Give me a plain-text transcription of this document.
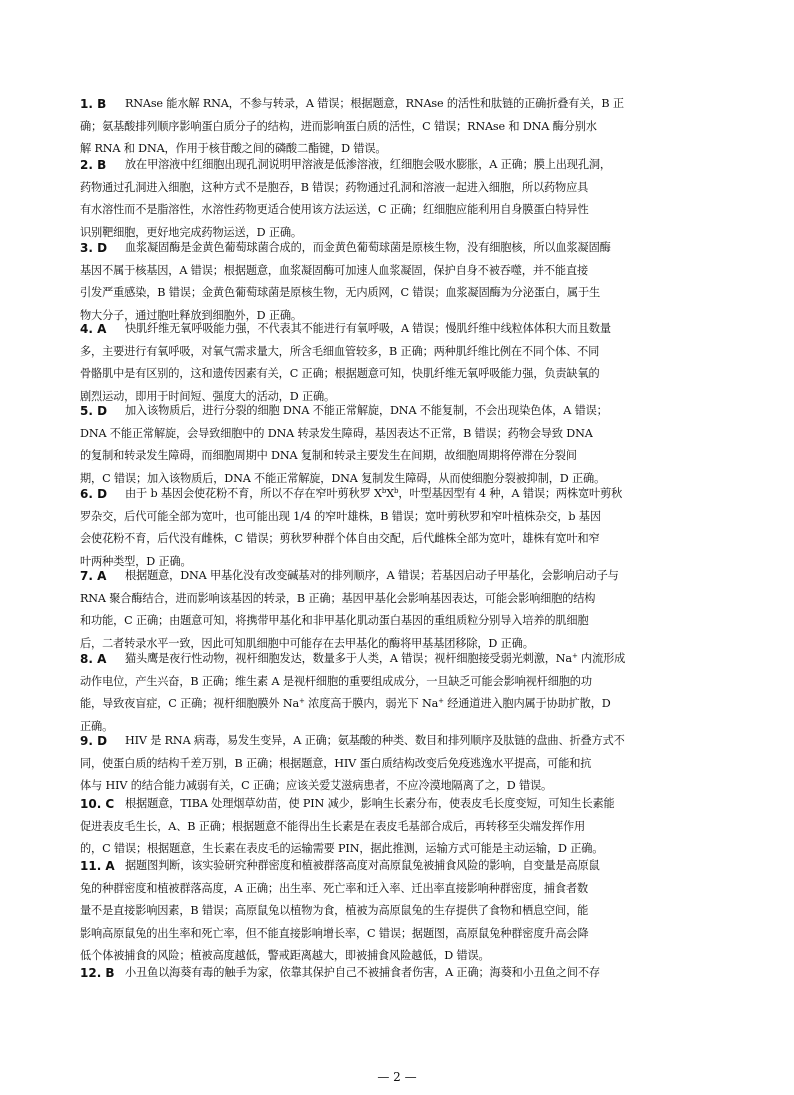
1. B RNAse 能水解 RNA，不参与转录，A 错误；根据题意，RNAse 的活性和肽链的正确折叠有关，B 正
确；氨基酸排列顺序影响蛋白质分子的结构，进而影响蛋白质的活性，C 错误；RNAse 和 DNA 酶分别水
解 RNA 和 DNA，作用于核苷酸之间的磷酸二酯键，D 错误。
2. B 放在甲溶液中红细胞出现孔洞说明甲溶液是低渗溶液，红细胞会吸水膨胀，A 正确；膜上出现孔洞，
药物通过孔洞进入细胞，这种方式不是胞吞，B 错误；药物通过孔洞和溶液一起进入细胞，所以药物应具
有水溶性而不是脂溶性，水溶性药物更适合使用该方法运送，C 正确；红细胞应能利用自身膜蛋白特异性
识别靶细胞，更好地完成药物运送，D 正确。
3. D 血浆凝固酶是金黄色葡萄球菌合成的，而金黄色葡萄球菌是原核生物，没有细胞核，所以血浆凝固酶
基因不属于核基因，A 错误；根据题意，血浆凝固酶可加速人血浆凝固，保护自身不被吞噬，并不能直接
引发严重感染，B 错误；金黄色葡萄球菌是原核生物，无内质网，C 错误；血浆凝固酶为分泌蛋白，属于生
物大分子，通过胞吐释放到细胞外，D 正确。
4. A 快肌纤维无氧呼吸能力强，不代表其不能进行有氧呼吸，A 错误；慢肌纤维中线粒体体积大而且数量
多，主要进行有氧呼吸，对氧气需求量大，所含毛细血管较多，B 正确；两种肌纤维比例在不同个体、不同
骨骼肌中是有区别的，这和遗传因素有关，C 正确；根据题意可知，快肌纤维无氧呼吸能力强，负责缺氧的
剧烈运动，即用于时间短、强度大的活动，D 正确。
5. D 加入该物质后，进行分裂的细胞 DNA 不能正常解旋，DNA 不能复制，不会出现染色体，A 错误；
DNA 不能正常解旋，会导致细胞中的 DNA 转录发生障碍，基因表达不正常，B 错误；药物会导致 DNA
的复制和转录发生障碍，而细胞周期中 DNA 复制和转录主要发生在间期，故细胞周期将停滞在分裂间
期，C 错误；加入该物质后，DNA 不能正常解旋，DNA 复制发生障碍，从而使细胞分裂被抑制，D 正确。
6. D 由于 b 基因会使花粉不育，所以不存在窄叶剪秋罗 $X^bX^b$，叶型基因型有 4 种，A 错误；两株宽叶剪秋
罗杂交，后代可能全部为宽叶，也可能出现 1/4 的窄叶雄株，B 错误；宽叶剪秋罗和窄叶植株杂交，b 基因
会使花粉不育，后代没有雌株，C 错误；剪秋罗种群个体自由交配，后代雌株全部为宽叶，雄株有宽叶和窄
叶两种类型，D 正确。
7. A 根据题意，DNA 甲基化没有改变碱基对的排列顺序，A 错误；若基因启动子甲基化，会影响启动子与
RNA 聚合酶结合，进而影响该基因的转录，B 正确；基因甲基化会影响基因表达，可能会影响细胞的结构
和功能，C 正确；由题意可知，将携带甲基化和非甲基化肌动蛋白基因的重组质粒分别导入培养的肌细胞
后，二者转录水平一致，因此可知肌细胞中可能存在去甲基化的酶将甲基基团移除，D 正确。
8. A 猫头鹰是夜行性动物，视杆细胞发达，数量多于人类，A 错误；视杆细胞接受弱光刺激，Na+ 内流形成
动作电位，产生兴奋，B 正确；维生素 A 是视杆细胞的重要组成成分，一旦缺乏可能会影响视杆细胞的功
能，导致夜盲症，C 正确；视杆细胞膜外 Na+ 浓度高于膜内，弱光下 Na+ 经通道进入胞内属于协助扩散，D
正确。
9. D HIV 是 RNA 病毒，易发生变异，A 正确；氨基酸的种类、数目和排列顺序及肽链的盘曲、折叠方式不
同，使蛋白质的结构千差万别，B 正确；根据题意，HIV 蛋白质结构改变后免疫逃逸水平提高，可能和抗
体与 HIV 的结合能力减弱有关，C 正确；应该关爱艾滋病患者，不应冷漠地隔离了之，D 错误。
10. C 根据题意，TIBA 处理烟草幼苗，使 PIN 减少，影响生长素分布，使表皮毛长度变短，可知生长素能
促进表皮毛生长，A、B 正确；根据题意不能得出生长素是在表皮毛基部合成后，再转移至尖端发挥作用
的，C 错误；根据题意，生长素在表皮毛的运输需要 PIN，据此推测，运输方式可能是主动运输，D 正确。
11. A 据题图判断，该实验研究种群密度和植被群落高度对高原鼠兔被捕食风险的影响，自变量是高原鼠
兔的种群密度和植被群落高度，A 正确；出生率、死亡率和迁入率、迁出率直接影响种群密度，捕食者数
量不是直接影响因素，B 错误；高原鼠兔以植物为食，植被为高原鼠兔的生存提供了食物和栖息空间，能
影响高原鼠兔的出生率和死亡率，但不能直接影响增长率，C 错误；据题图，高原鼠兔种群密度升高会降
低个体被捕食的风险；植被高度越低，警戒距离越大，即被捕食风险越低，D 错误。
12. B 小丑鱼以海葵有毒的触手为家，依靠其保护自己不被捕食者伤害，A 正确；海葵和小丑鱼之间不存
— 2 —
